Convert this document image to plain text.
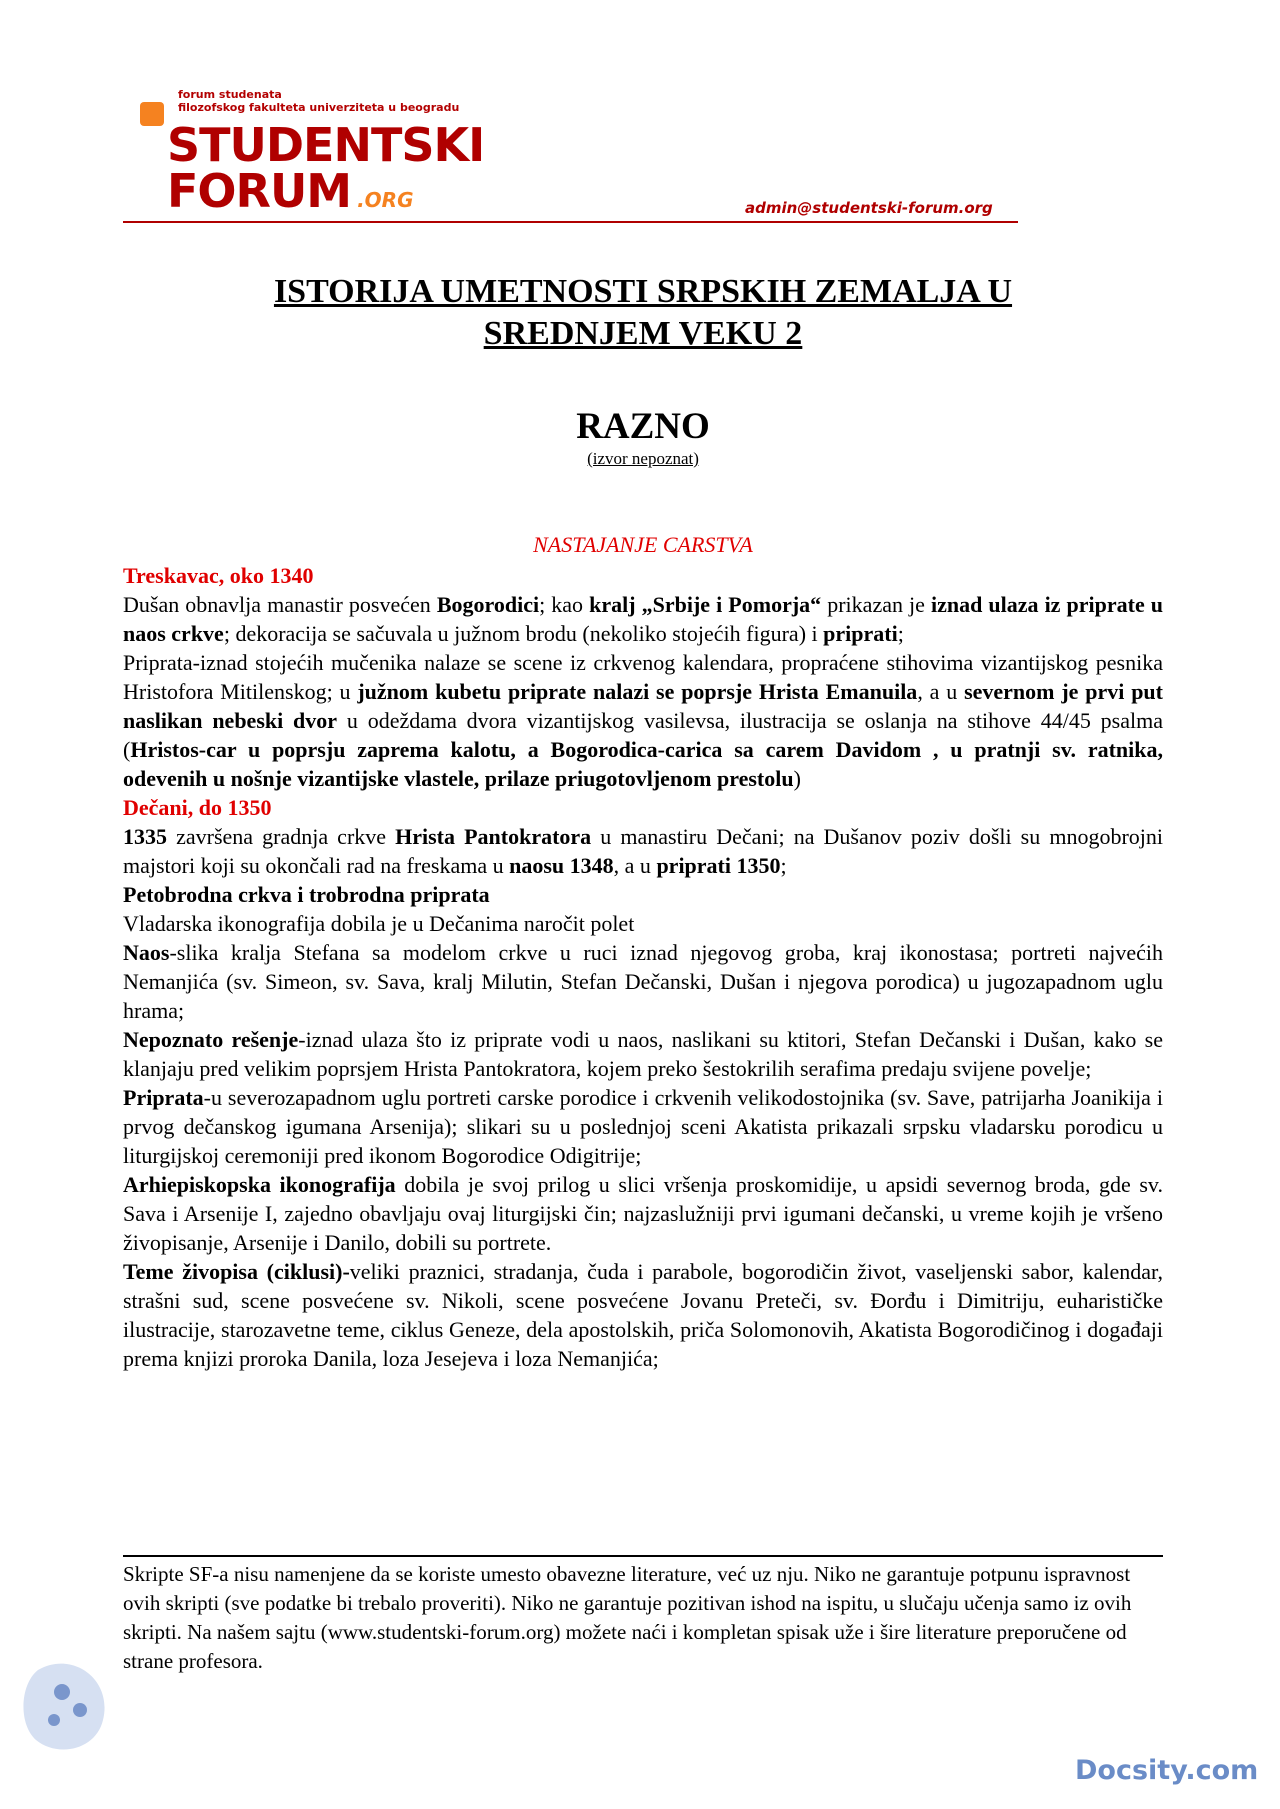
forum studenata
filozofskog fakulteta univerziteta u beogradu
STUDENTSKI
FORUM .ORG	admin@studentski-forum.org
ISTORIJA UMETNOSTI SRPSKIH ZEMALJA U
SREDNJEM VEKU 2
RAZNO
(izvor nepoznat)

NASTAJANJE CARSTVA

Treskavac, oko 1340

Dušan obnavlja manastir posvećen Bogorodici; kao kralj „Srbije i Pomorja“ prikazan je iznad ulaza iz priprate u naos crkve; dekoracija se sačuvala u južnom brodu (nekoliko stojećih figura) i priprati;

Priprata-iznad stojećih mučenika nalaze se scene iz crkvenog kalendara, propraćene stihovima vizantijskog pesnika Hristofora Mitilenskog; u južnom kubetu priprate nalazi se poprsje Hrista Emanuila, a u severnom je prvi put naslikan nebeski dvor u odeždama dvora vizantijskog vasilevsa, ilustracija se oslanja na stihove 44/45 psalma (Hristos-car u poprsju zaprema kalotu, a Bogorodica-carica sa carem Davidom , u pratnji sv. ratnika, odevenih u nošnje vizantijske vlastele, prilaze priugotovljenom prestolu)

Dečani, do 1350

1335 završena gradnja crkve Hrista Pantokratora u manastiru Dečani; na Dušanov poziv došli su mnogobrojni majstori koji su okončali rad na freskama u naosu 1348, a u priprati 1350;

Petobrodna crkva i trobrodna priprata

Vladarska ikonografija dobila je u Dečanima naročit polet

Naos-slika kralja Stefana sa modelom crkve u ruci iznad njegovog groba, kraj ikonostasa; portreti najvećih Nemanjića (sv. Simeon, sv. Sava, kralj Milutin, Stefan Dečanski, Dušan i njegova porodica) u jugozapadnom uglu hrama;

Nepoznato rešenje-iznad ulaza što iz priprate vodi u naos, naslikani su ktitori, Stefan Dečanski i Dušan, kako se klanjaju pred velikim poprsjem Hrista Pantokratora, kojem preko šestokrilih serafima predaju svijene povelje;

Priprata-u severozapadnom uglu portreti carske porodice i crkvenih velikodostojnika (sv. Save, patrijarha Joanikija i prvog dečanskog igumana Arsenija); slikari su u poslednjoj sceni Akatista prikazali srpsku vladarsku porodicu u liturgijskoj ceremoniji pred ikonom Bogorodice Odigitrije;

Arhiepiskopska ikonografija dobila je svoj prilog u slici vršenja proskomidije, u apsidi severnog broda, gde sv. Sava i Arsenije I, zajedno obavljaju ovaj liturgijski čin; najzaslužniji prvi igumani dečanski, u vreme kojih je vršeno živopisanje, Arsenije i Danilo, dobili su portrete.

Teme živopisa (ciklusi)-veliki praznici, stradanja, čuda i parabole, bogorodičin život, vaseljenski sabor, kalendar, strašni sud, scene posvećene sv. Nikoli, scene posvećene Jovanu Preteči, sv. Đorđu i Dimitriju, euharističke ilustracije, starozavetne teme, ciklus Geneze, dela apostolskih, priča Solomonovih, Akatista Bogorodičinog i događaji prema knjizi proroka Danila, loza Jesejeva i loza Nemanjića;

Skripte SF-a nisu namenjene da se koriste umesto obavezne literature, već uz nju. Niko ne garantuje potpunu ispravnost ovih skripti (sve podatke bi trebalo proveriti). Niko ne garantuje pozitivan ishod na ispitu, u slučaju učenja samo iz ovih skripti. Na našem sajtu (www.studentski-forum.org) možete naći i kompletan spisak uže i šire literature preporučene od strane profesora.
Docsity.com
